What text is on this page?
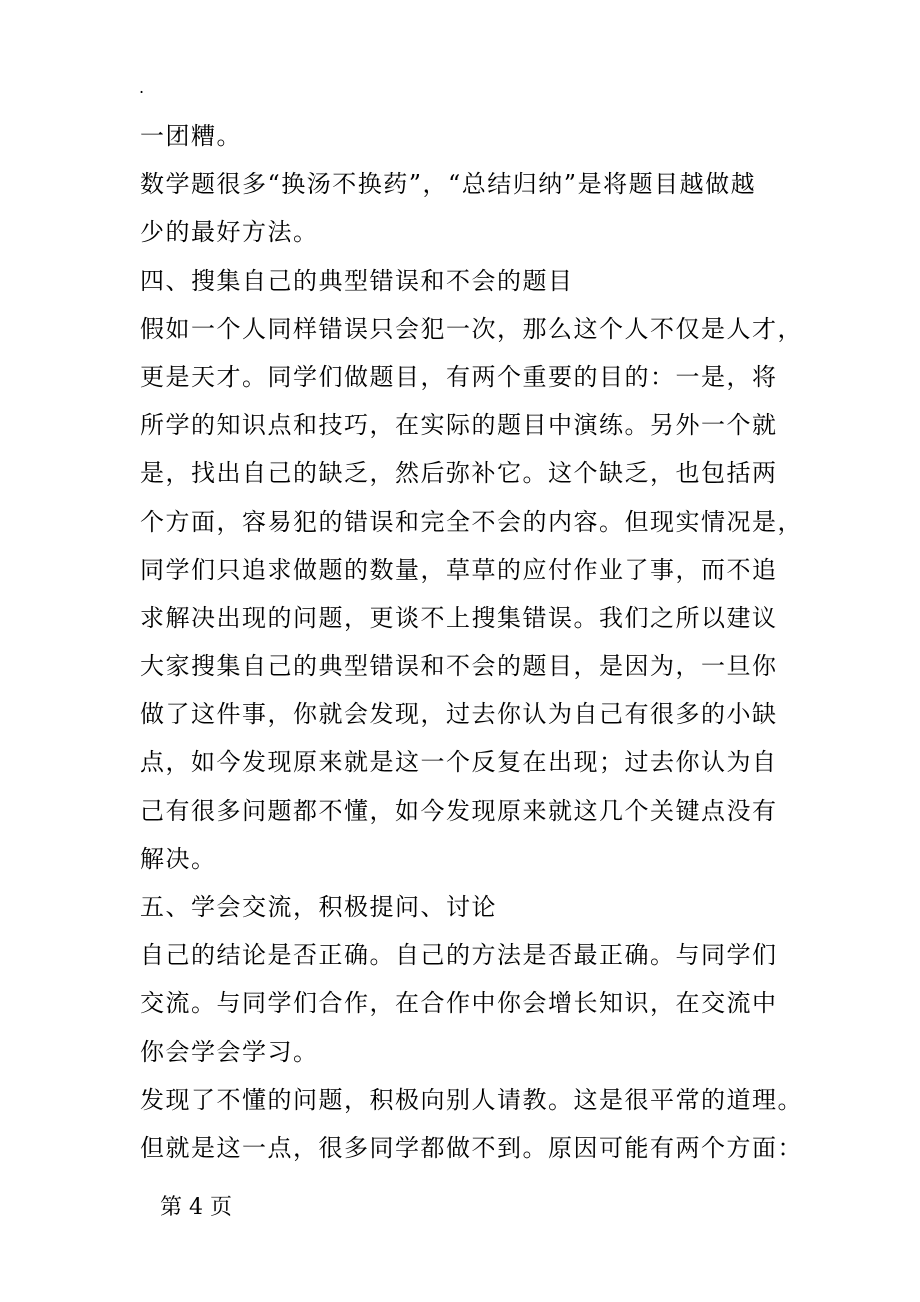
.
一团糟。
数学题很多“换汤不换药”，“总结归纳”是将题目越做越
少的最好方法。
四、搜集自己的典型错误和不会的题目
假如一个人同样错误只会犯一次，那么这个人不仅是人才，
更是天才。同学们做题目，有两个重要的目的：一是，将
所学的知识点和技巧，在实际的题目中演练。另外一个就
是，找出自己的缺乏，然后弥补它。这个缺乏，也包括两
个方面，容易犯的错误和完全不会的内容。但现实情况是，
同学们只追求做题的数量，草草的应付作业了事，而不追
求解决出现的问题，更谈不上搜集错误。我们之所以建议
大家搜集自己的典型错误和不会的题目，是因为，一旦你
做了这件事，你就会发现，过去你认为自己有很多的小缺
点，如今发现原来就是这一个反复在出现；过去你认为自
己有很多问题都不懂，如今发现原来就这几个关键点没有
解决。
五、学会交流，积极提问、讨论
自己的结论是否正确。自己的方法是否最正确。与同学们
交流。与同学们合作，在合作中你会增长知识，在交流中
你会学会学习。
发现了不懂的问题，积极向别人请教。这是很平常的道理。
但就是这一点，很多同学都做不到。原因可能有两个方面：
第 4 页
